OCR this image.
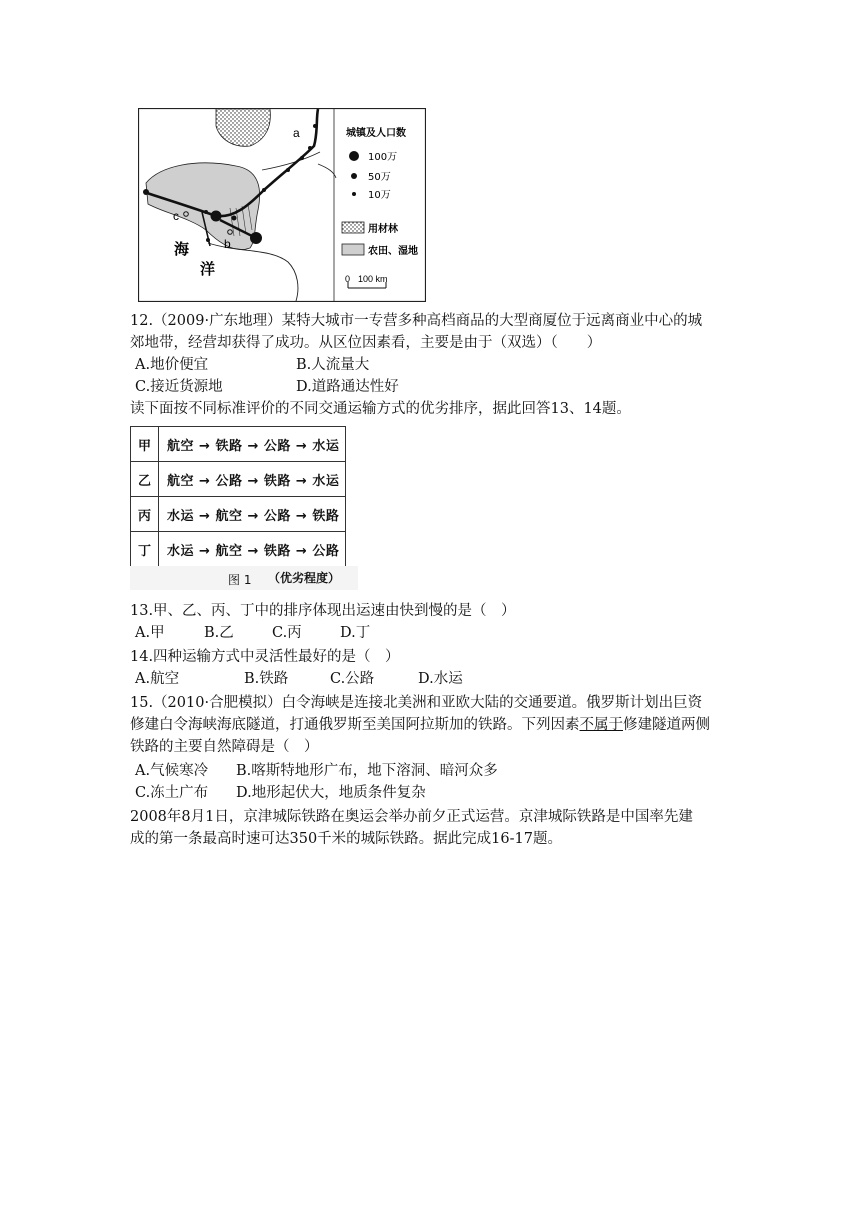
a
b
c
海
洋
城镇及人口数
100万
50万
10万
用材林
农田、湿地
0 100 km
12.（2009·广东地理）某特大城市一专营多种高档商品的大型商厦位于远离商业中心的城
郊地带，经营却获得了成功。从区位因素看，主要是由于（双选）（　　）
A.地价便宜	B.人流量大
C.接近货源地	D.道路通达性好
读下面按不同标准评价的不同交通运输方式的优劣排序，据此回答13、14题。
甲	航空 → 铁路 → 公路 → 水运
乙	航空 → 公路 → 铁路 → 水运
丙	水运 → 航空 → 公路 → 铁路
丁	水运 → 航空 → 铁路 → 公路
图 1 （优劣程度）
13.甲、乙、丙、丁中的排序体现出运速由快到慢的是（　）
A.甲	B.乙	C.丙	D.丁
14.四种运输方式中灵活性最好的是（　）
A.航空	B.铁路	C.公路	D.水运
15.（2010·合肥模拟）白令海峡是连接北美洲和亚欧大陆的交通要道。俄罗斯计划出巨资
修建白令海峡海底隧道，打通俄罗斯至美国阿拉斯加的铁路。下列因素不属于修建隧道两侧
铁路的主要自然障碍是（　）
A.气候寒冷 B.喀斯特地形广布，地下溶洞、暗河众多
C.冻土广布 D.地形起伏大，地质条件复杂
2008年8月1日，京津城际铁路在奥运会举办前夕正式运营。京津城际铁路是中国率先建
成的第一条最高时速可达350千米的城际铁路。据此完成16-17题。
